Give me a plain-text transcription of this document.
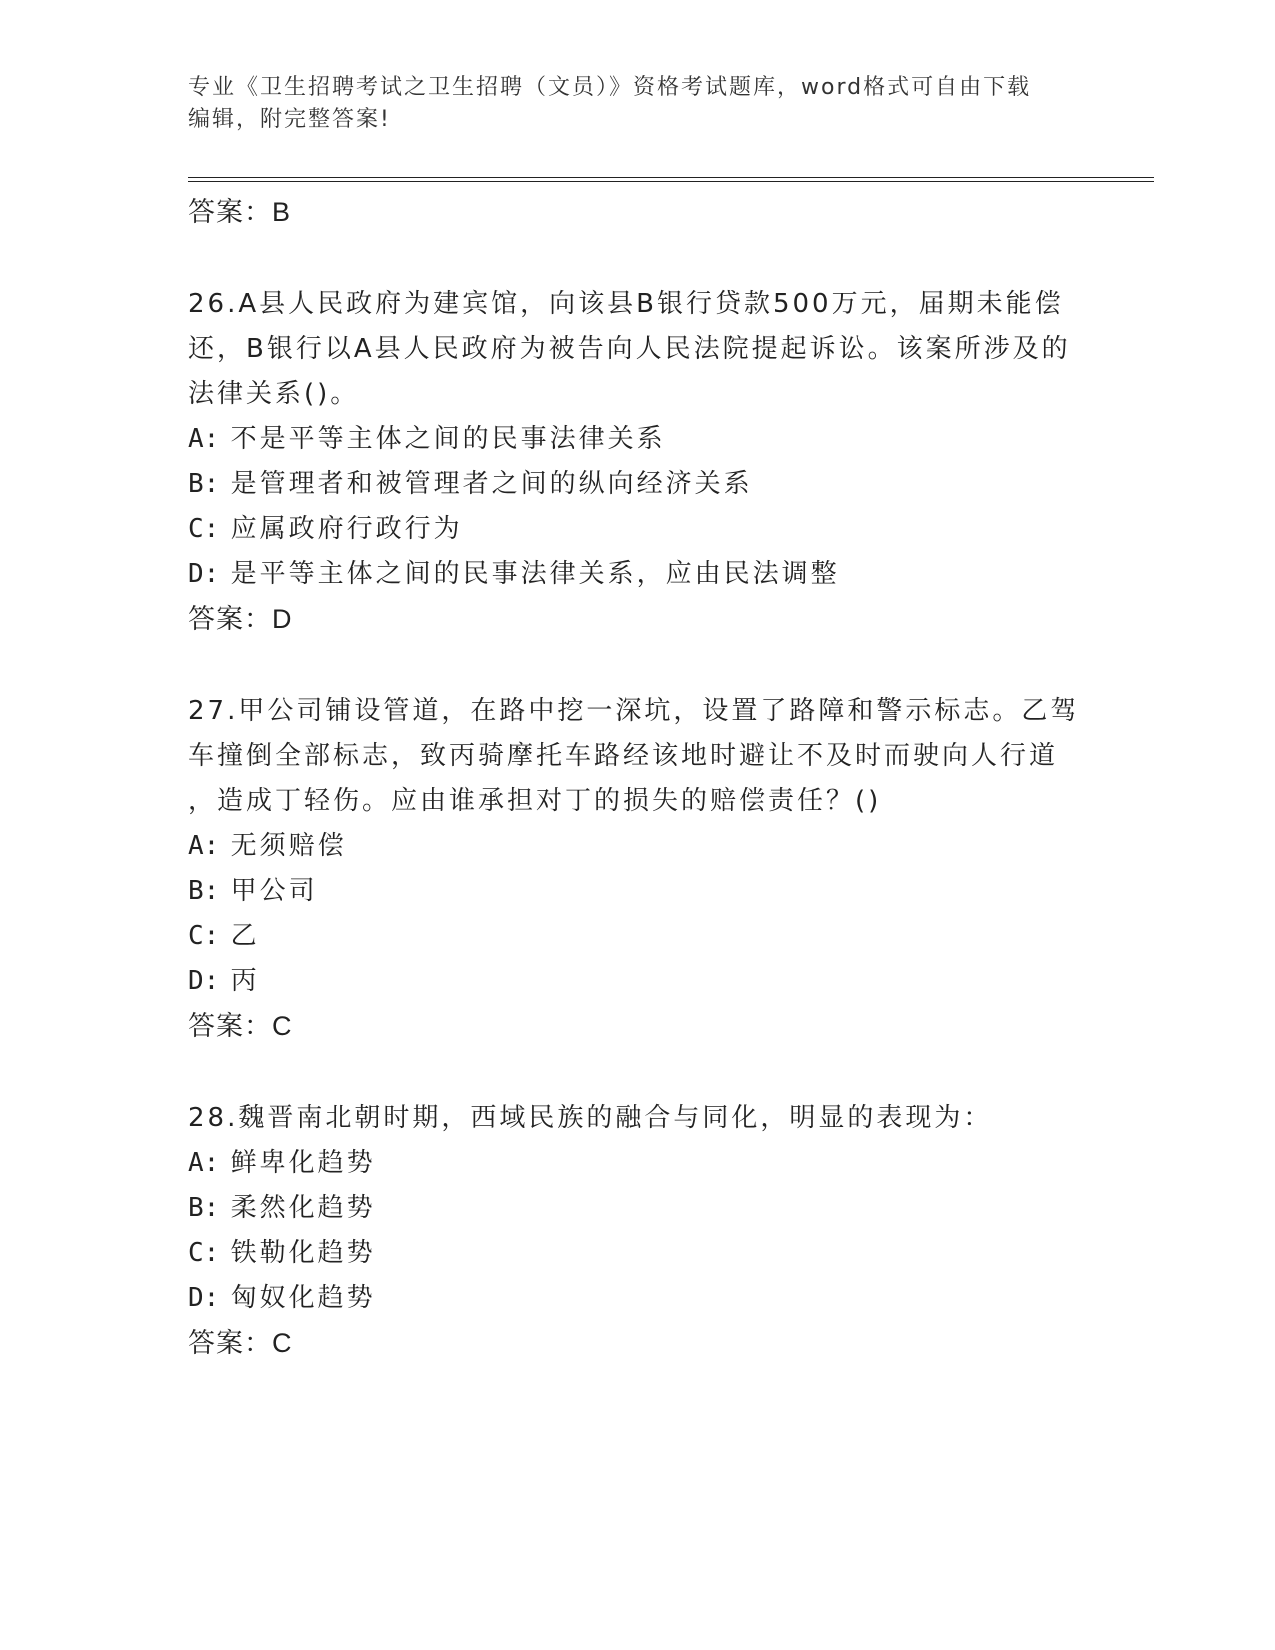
专业《卫生招聘考试之卫生招聘（文员）》资格考试题库，word格式可自由下载
编辑，附完整答案!
答案：B
26.A县人民政府为建宾馆，向该县B银行贷款500万元，届期未能偿
还，B银行以A县人民政府为被告向人民法院提起诉讼。该案所涉及的
法律关系()。
A: 不是平等主体之间的民事法律关系
B: 是管理者和被管理者之间的纵向经济关系
C: 应属政府行政行为
D: 是平等主体之间的民事法律关系，应由民法调整
答案：D
27.甲公司铺设管道，在路中挖一深坑，设置了路障和警示标志。乙驾
车撞倒全部标志，致丙骑摩托车路经该地时避让不及时而驶向人行道
，造成丁轻伤。应由谁承担对丁的损失的赔偿责任？()
A: 无须赔偿
B: 甲公司
C: 乙
D: 丙
答案：C
28.魏晋南北朝时期，西域民族的融合与同化，明显的表现为：
A: 鲜卑化趋势
B: 柔然化趋势
C: 铁勒化趋势
D: 匈奴化趋势
答案：C
